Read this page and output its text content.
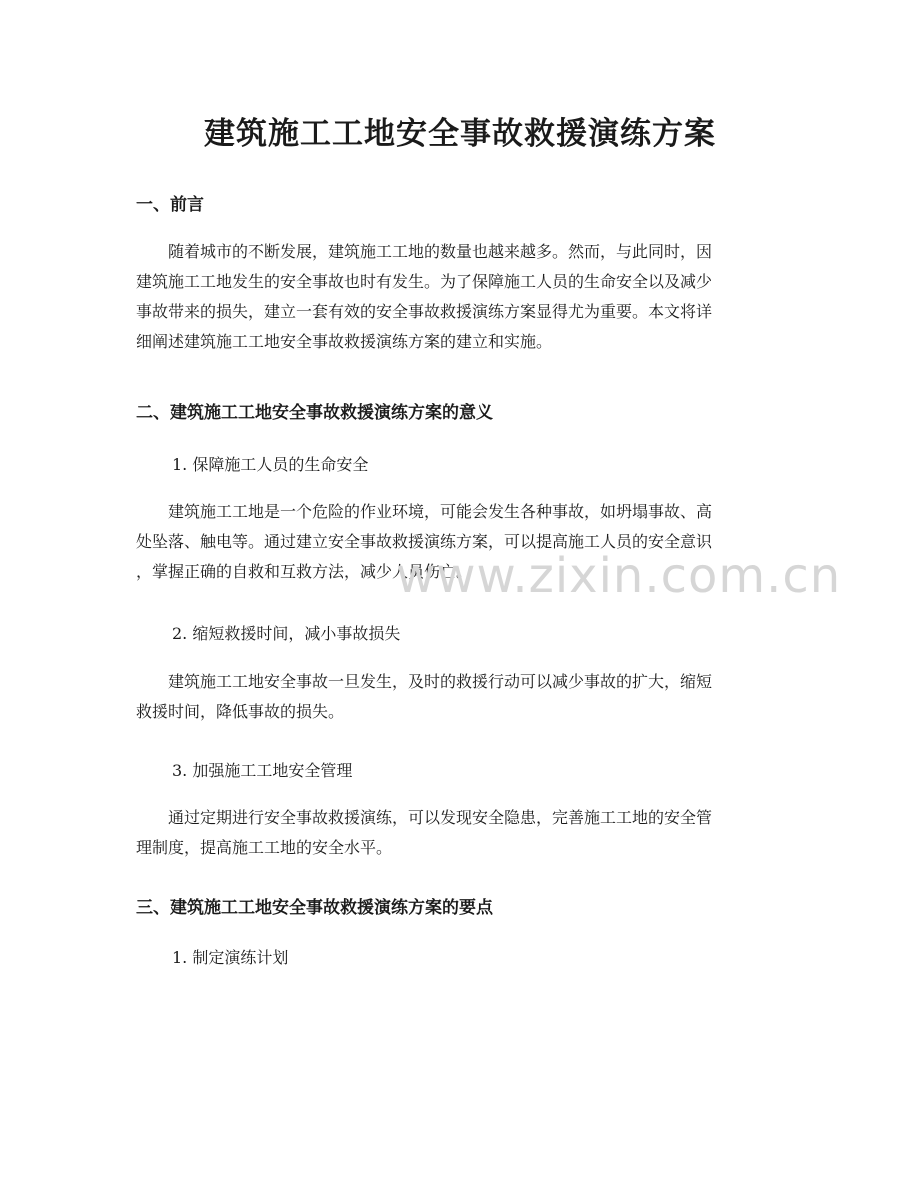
建筑施工工地安全事故救援演练方案
一、前言

随着城市的不断发展，建筑施工工地的数量也越来越多。然而，与此同时，因
建筑施工工地发生的安全事故也时有发生。为了保障施工人员的生命安全以及减少
事故带来的损失，建立一套有效的安全事故救援演练方案显得尤为重要。本文将详
细阐述建筑施工工地安全事故救援演练方案的建立和实施。

二、建筑施工工地安全事故救援演练方案的意义

1. 保障施工人员的生命安全

建筑施工工地是一个危险的作业环境，可能会发生各种事故，如坍塌事故、高
处坠落、触电等。通过建立安全事故救援演练方案，可以提高施工人员的安全意识
，掌握正确的自救和互救方法，减少人员伤亡。

2. 缩短救援时间，减小事故损失

建筑施工工地安全事故一旦发生，及时的救援行动可以减少事故的扩大，缩短
救援时间，降低事故的损失。

3. 加强施工工地安全管理

通过定期进行安全事故救援演练，可以发现安全隐患，完善施工工地的安全管
理制度，提高施工工地的安全水平。

三、建筑施工工地安全事故救援演练方案的要点

1. 制定演练计划

www.zixin.com.cn
